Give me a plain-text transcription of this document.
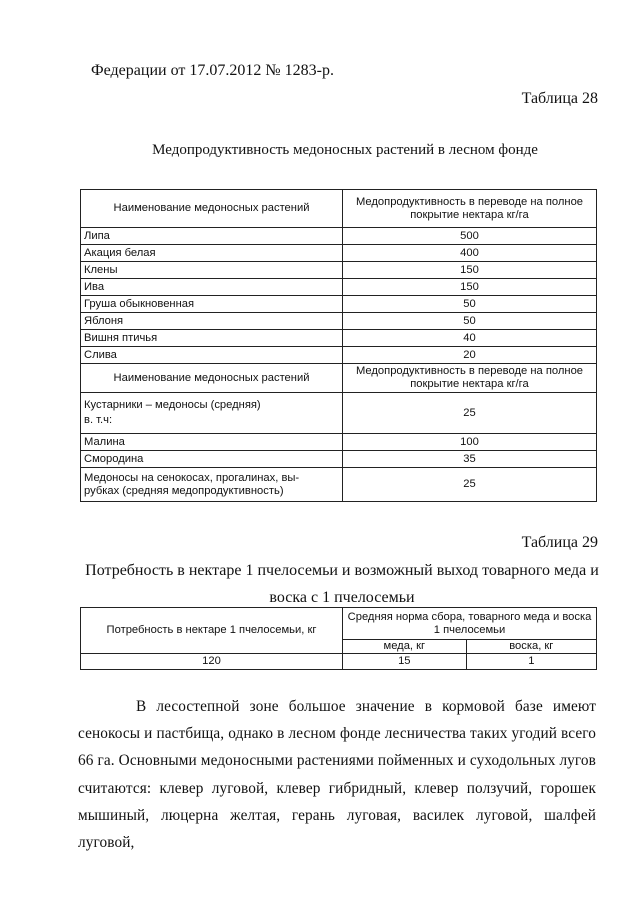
Федерации от 17.07.2012 № 1283-р.
Таблица 28
Медопродуктивность медоносных растений в лесном фонде
Наименование медоносных растений	Медопродуктивность в переводе на полное покрытие нектара кг/га
Липа	500
Акация белая	400
Клены	150
Ива	150
Груша обыкновенная	50
Яблоня	50
Вишня птичья	40
Слива	20
Наименование медоносных растений	Медопродуктивность в переводе на полное покрытие нектара кг/га

Кустарники – медоносы (средняя)
в. т.ч:	25
Малина	100
Смородина	35

Медоносы на сенокосах, прогалинах, вы-
рубках (средняя медопродуктивность)	25
Таблица 29
Потребность в нектаре 1 пчелосемьи и возможный выход товарного меда и
воска с 1 пчелосемьи
Потребность в нектаре 1 пчелосемьи, кг	Средняя норма сбора, товарного меда и воска 1 пчелосемьи	
	меда, кг	воска, кг
120	15	1
В лесостепной зоне большое значение в кормовой базе имеют сенокосы и пастбища, однако в лесном фонде лесничества таких угодий всего 66 га. Основными медоносными растениями пойменных и суходольных лугов считаются: клевер луговой, клевер гибридный, клевер ползучий, горошек мышиный, люцерна желтая, герань луговая, василек луговой, шалфей луговой,
